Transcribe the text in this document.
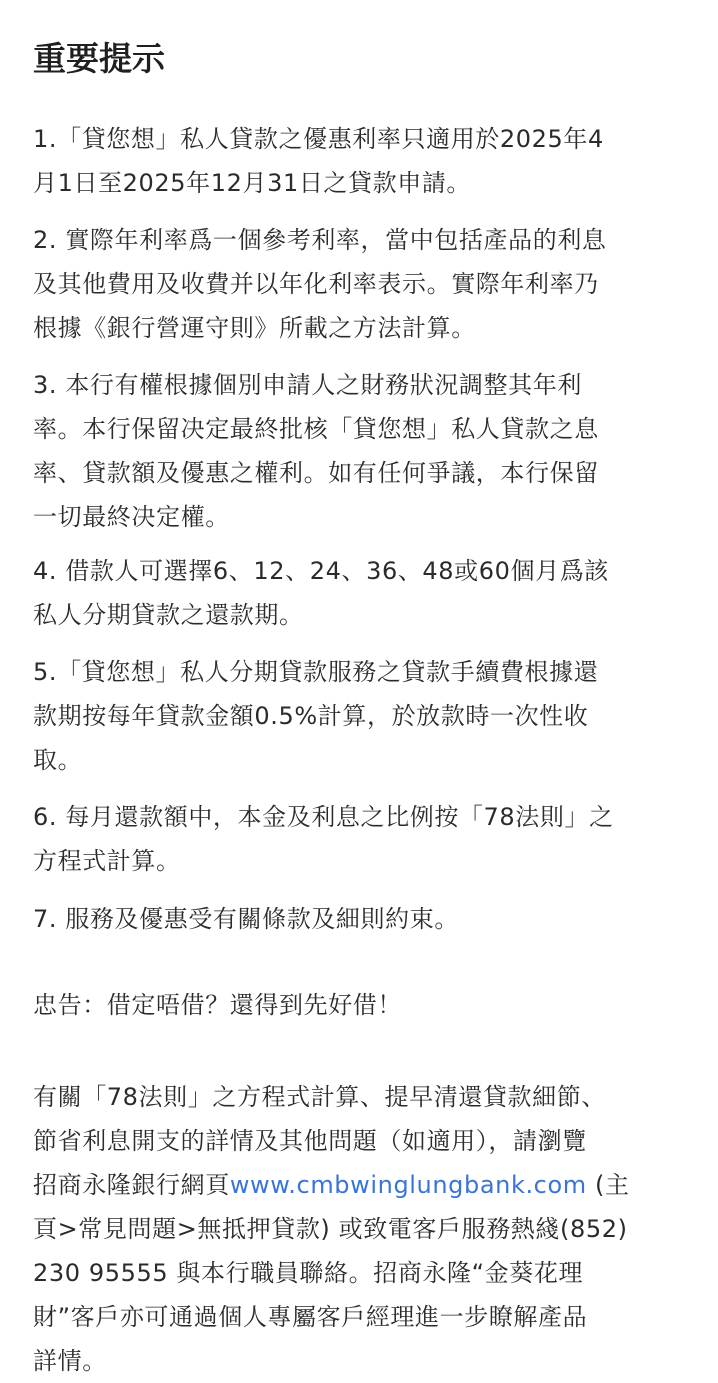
重要提示

1.「貸您想」私人貸款之優惠利率只適用於2025年4
月1日至2025年12月31日之貸款申請。

2. 實際年利率爲一個參考利率，當中包括產品的利息
及其他費用及收費并以年化利率表示。實際年利率乃
根據《銀行營運守則》所載之方法計算。

3. 本行有權根據個別申請人之財務狀況調整其年利
率。本行保留决定最終批核「貸您想」私人貸款之息
率、貸款額及優惠之權利。如有任何爭議，本行保留
一切最終决定權。

4. 借款人可選擇6、12、24、36、48或60個月爲該
私人分期貸款之還款期。

5.「貸您想」私人分期貸款服務之貸款手續費根據還
款期按每年貸款金額0.5%計算，於放款時一次性收
取。

6. 每月還款額中，本金及利息之比例按「78法則」之
方程式計算。

7. 服務及優惠受有關條款及細則約束。

忠告：借定唔借？還得到先好借！

有關「78法則」之方程式計算、提早清還貸款細節、
節省利息開支的詳情及其他問題（如適用），請瀏覽
招商永隆銀行網頁www.cmbwinglungbank.com (主
頁>常見問題>無抵押貸款) 或致電客戶服務熱綫(852)
230 95555 與本行職員聯絡。招商永隆“金葵花理
財”客戶亦可通過個人專屬客戶經理進一步瞭解產品
詳情。
